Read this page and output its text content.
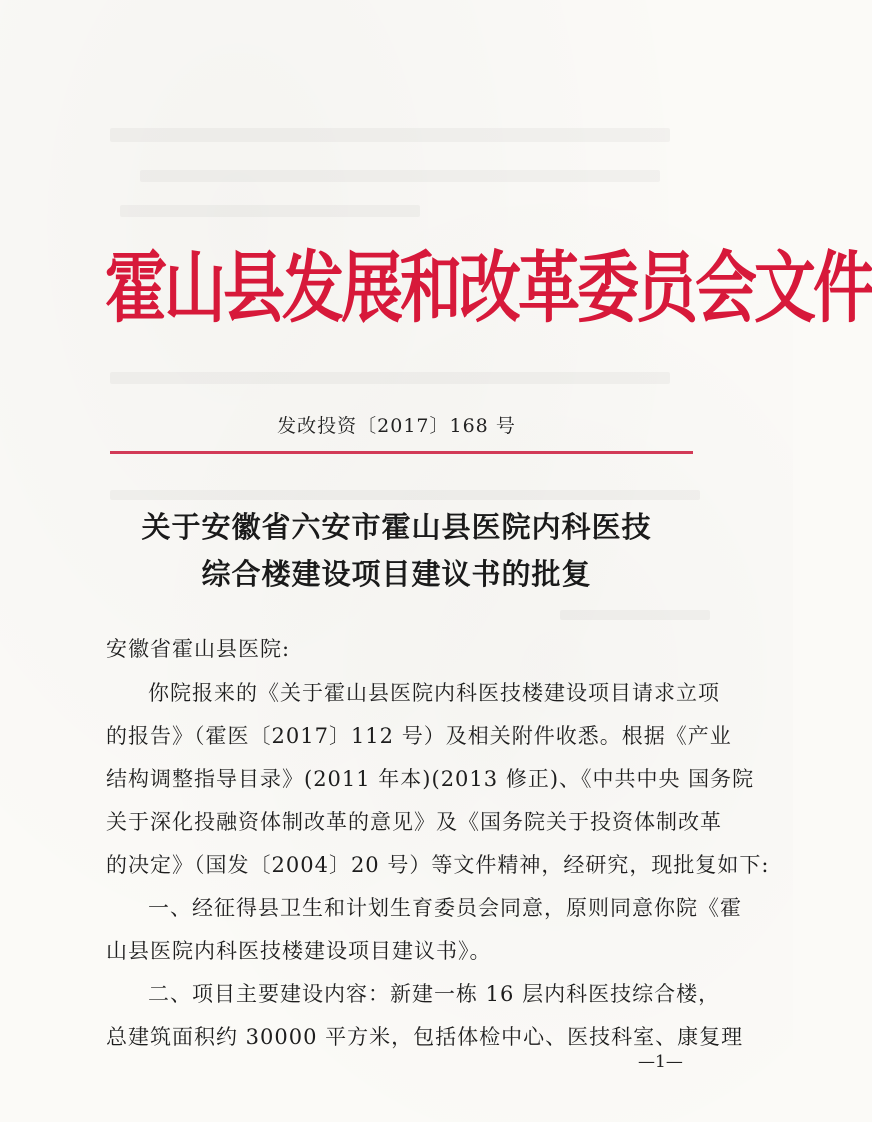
霍山县发展和改革委员会文件
发改投资〔2017〕168 号
关于安徽省六安市霍山县医院内科医技
综合楼建设项目建议书的批复
安徽省霍山县医院:
你院报来的《关于霍山县医院内科医技楼建设项目请求立项
的报告》（霍医〔2017〕112 号）及相关附件收悉。根据《产业
结构调整指导目录》(2011 年本)(2013 修正)、《中共中央 国务院
关于深化投融资体制改革的意见》及《国务院关于投资体制改革
的决定》（国发〔2004〕20 号）等文件精神，经研究，现批复如下:
一、经征得县卫生和计划生育委员会同意，原则同意你院《霍
山县医院内科医技楼建设项目建议书》。
二、项目主要建设内容：新建一栋 16 层内科医技综合楼，
总建筑面积约 30000 平方米，包括体检中心、医技科室、康复理
—1—
